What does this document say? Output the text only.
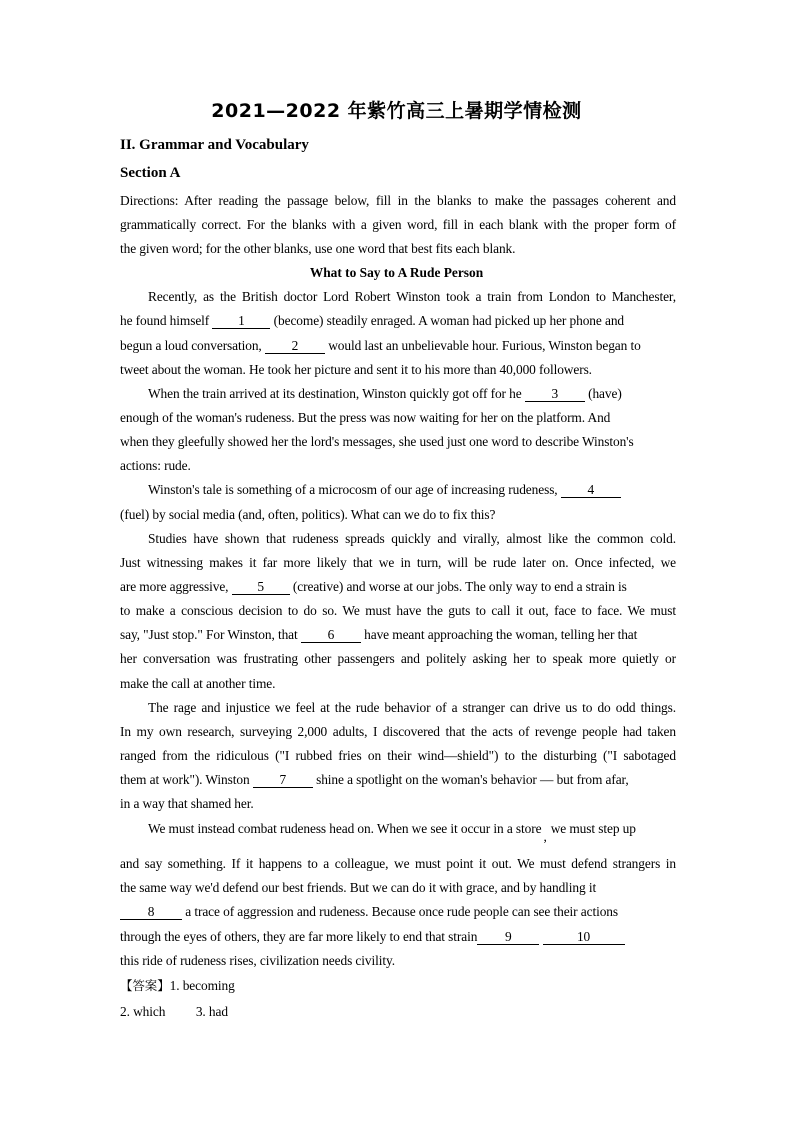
2021—2022 年紫竹高三上暑期学情检测
II. Grammar and Vocabulary
Section A
Directions: After reading the passage below, fill in the blanks to make the passages coherent and
grammatically correct. For the blanks with a given word, fill in each blank with the proper form of
the given word; for the other blanks, use one word that best fits each blank.
What to Say to A Rude Person
Recently, as the British doctor Lord Robert Winston took a train from London to Manchester,
he found himself 1 (become) steadily enraged. A woman had picked up her phone and
begun a loud conversation, 2 would last an unbelievable hour. Furious, Winston began to
tweet about the woman. He took her picture and sent it to his more than 40,000 followers.
When the train arrived at its destination, Winston quickly got off for he 3 (have)
enough of the woman's rudeness. But the press was now waiting for her on the platform. And
when they gleefully showed her the lord's messages, she used just one word to describe Winston's
actions: rude.
Winston's tale is something of a microcosm of our age of increasing rudeness, 4
(fuel) by social media (and, often, politics). What can we do to fix this?
Studies have shown that rudeness spreads quickly and virally, almost like the common cold.
Just witnessing makes it far more likely that we in turn, will be rude later on. Once infected, we
are more aggressive, 5 (creative) and worse at our jobs. The only way to end a strain is
to make a conscious decision to do so. We must have the guts to call it out, face to face. We must
say, "Just stop." For Winston, that 6 have meant approaching the woman, telling her that
her conversation was frustrating other passengers and politely asking her to speak more quietly or
make the call at another time.
The rage and injustice we feel at the rude behavior of a stranger can drive us to do odd things.
In my own research, surveying 2,000 adults, I discovered that the acts of revenge people had taken
ranged from the ridiculous ("I rubbed fries on their wind—shield") to the disturbing ("I sabotaged
them at work"). Winston 7 shine a spotlight on the woman's behavior — but from afar,
in a way that shamed her.
We must instead combat rudeness head on. When we see it occur in a store,we must step up
and say something. If it happens to a colleague, we must point it out. We must defend strangers in
the same way we'd defend our best friends. But we can do it with grace, and by handling it
8 a trace of aggression and rudeness. Because once rude people can see their actions
through the eyes of others, they are far more likely to end that strain 9	10
this ride of rudeness rises, civilization needs civility.
【答案】1. becoming
2. which 3. had
